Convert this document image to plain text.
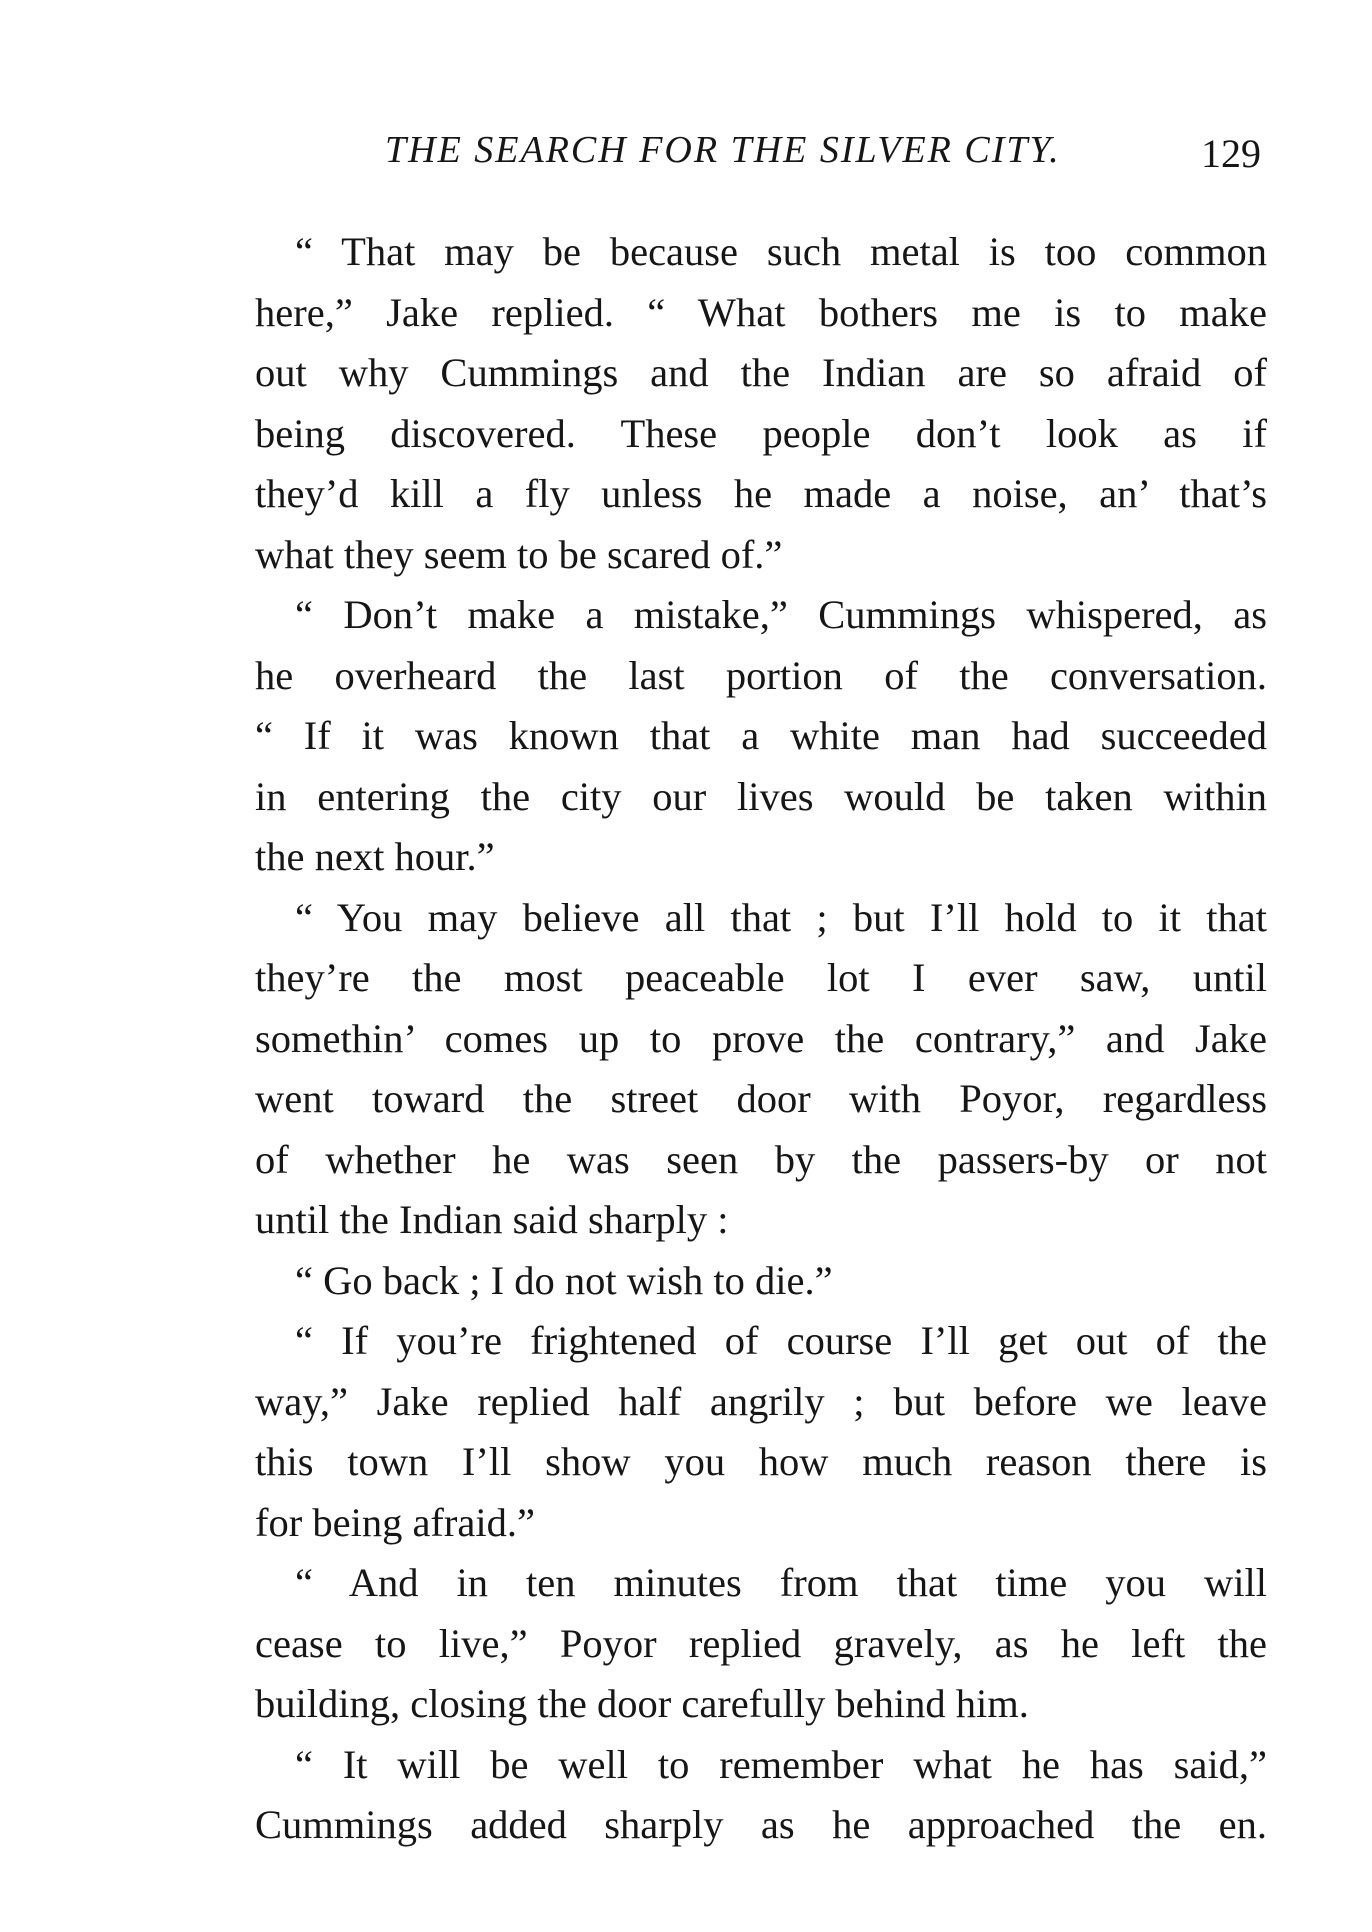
THE SEARCH FOR THE SILVER CITY.	129
“ That may be because such metal is too common
here,” Jake replied. “ What bothers me is to make
out why Cummings and the Indian are so afraid of
being discovered. These people don’t look as if
they’d kill a fly unless he made a noise, an’ that’s
what they seem to be scared of.”
“ Don’t make a mistake,” Cummings whispered, as
he overheard the last portion of the conversation.
“ If it was known that a white man had succeeded
in entering the city our lives would be taken within
the next hour.”
“ You may believe all that ; but I’ll hold to it that
they’re the most peaceable lot I ever saw, until
somethin’ comes up to prove the contrary,” and Jake
went toward the street door with Poyor, regardless
of whether he was seen by the passers-by or not
until the Indian said sharply :
“ Go back ; I do not wish to die.”
“ If you’re frightened of course I’ll get out of the
way,” Jake replied half angrily ; but before we leave
this town I’ll show you how much reason there is
for being afraid.”
“ And in ten minutes from that time you will
cease to live,” Poyor replied gravely, as he left the
building, closing the door carefully behind him.
“ It will be well to remember what he has said,”
Cummings added sharply as he approached the en.
